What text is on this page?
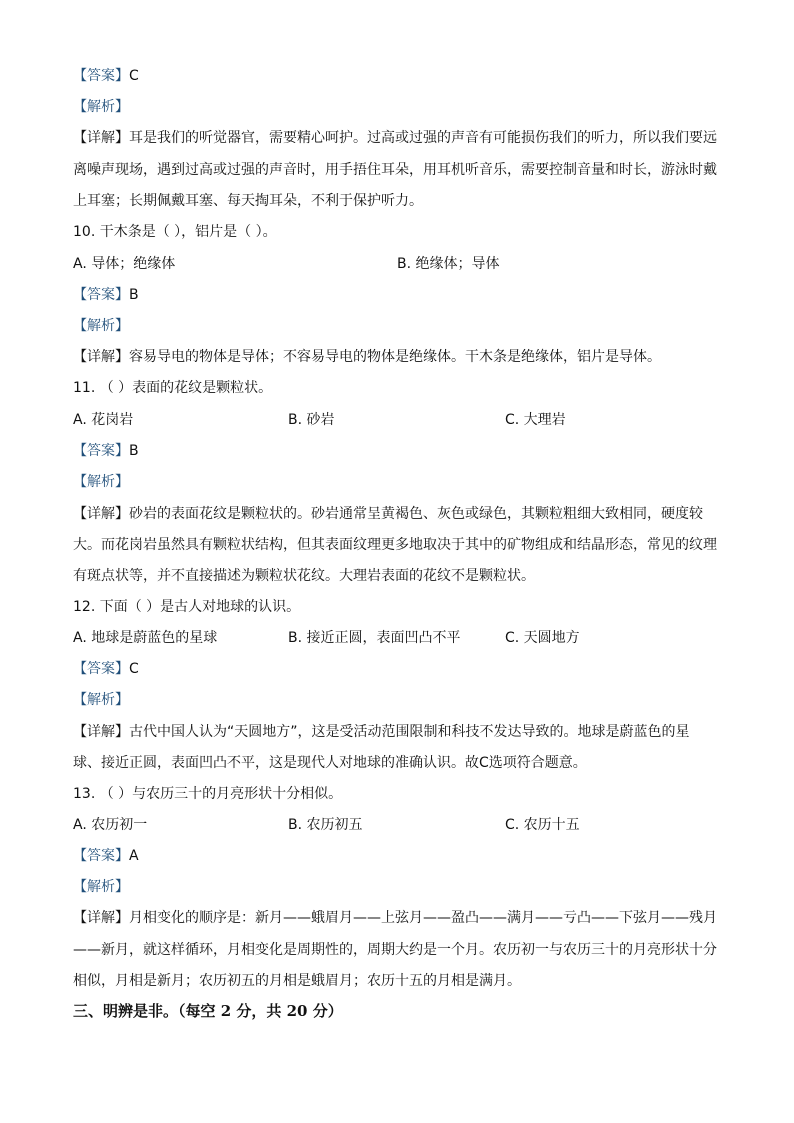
【答案】C
【解析】
【详解】耳是我们的听觉器官，需要精心呵护。过高或过强的声音有可能损伤我们的听力，所以我们要远
离噪声现场，遇到过高或过强的声音时，用手捂住耳朵，用耳机听音乐，需要控制音量和时长，游泳时戴
上耳塞；长期佩戴耳塞、每天掏耳朵，不利于保护听力。
10. 干木条是（ ），铝片是（ ）。
A. 导体；绝缘体	B. 绝缘体；导体
【答案】B
【解析】
【详解】容易导电的物体是导体；不容易导电的物体是绝缘体。干木条是绝缘体，铝片是导体。
11. （ ）表面的花纹是颗粒状。
A. 花岗岩	B. 砂岩	C. 大理岩
【答案】B
【解析】
【详解】砂岩的表面花纹是颗粒状的。砂岩通常呈黄褐色、灰色或绿色，其颗粒粗细大致相同，硬度较
大。而花岗岩虽然具有颗粒状结构，但其表面纹理更多地取决于其中的矿物组成和结晶形态，常见的纹理
有斑点状等，并不直接描述为颗粒状花纹。大理岩表面的花纹不是颗粒状。
12. 下面（ ）是古人对地球的认识。
A. 地球是蔚蓝色的星球	B. 接近正圆，表面凹凸不平	C. 天圆地方
【答案】C
【解析】
【详解】古代中国人认为“天圆地方”，这是受活动范围限制和科技不发达导致的。地球是蔚蓝色的星
球、接近正圆，表面凹凸不平，这是现代人对地球的准确认识。故C选项符合题意。
13. （ ）与农历三十的月亮形状十分相似。
A. 农历初一	B. 农历初五	C. 农历十五
【答案】A
【解析】
【详解】月相变化的顺序是：新月——蛾眉月——上弦月——盈凸——满月——亏凸——下弦月——残月
——新月，就这样循环，月相变化是周期性的，周期大约是一个月。农历初一与农历三十的月亮形状十分
相似，月相是新月；农历初五的月相是蛾眉月；农历十五的月相是满月。
三、明辨是非。（每空 2 分，共 20 分）
